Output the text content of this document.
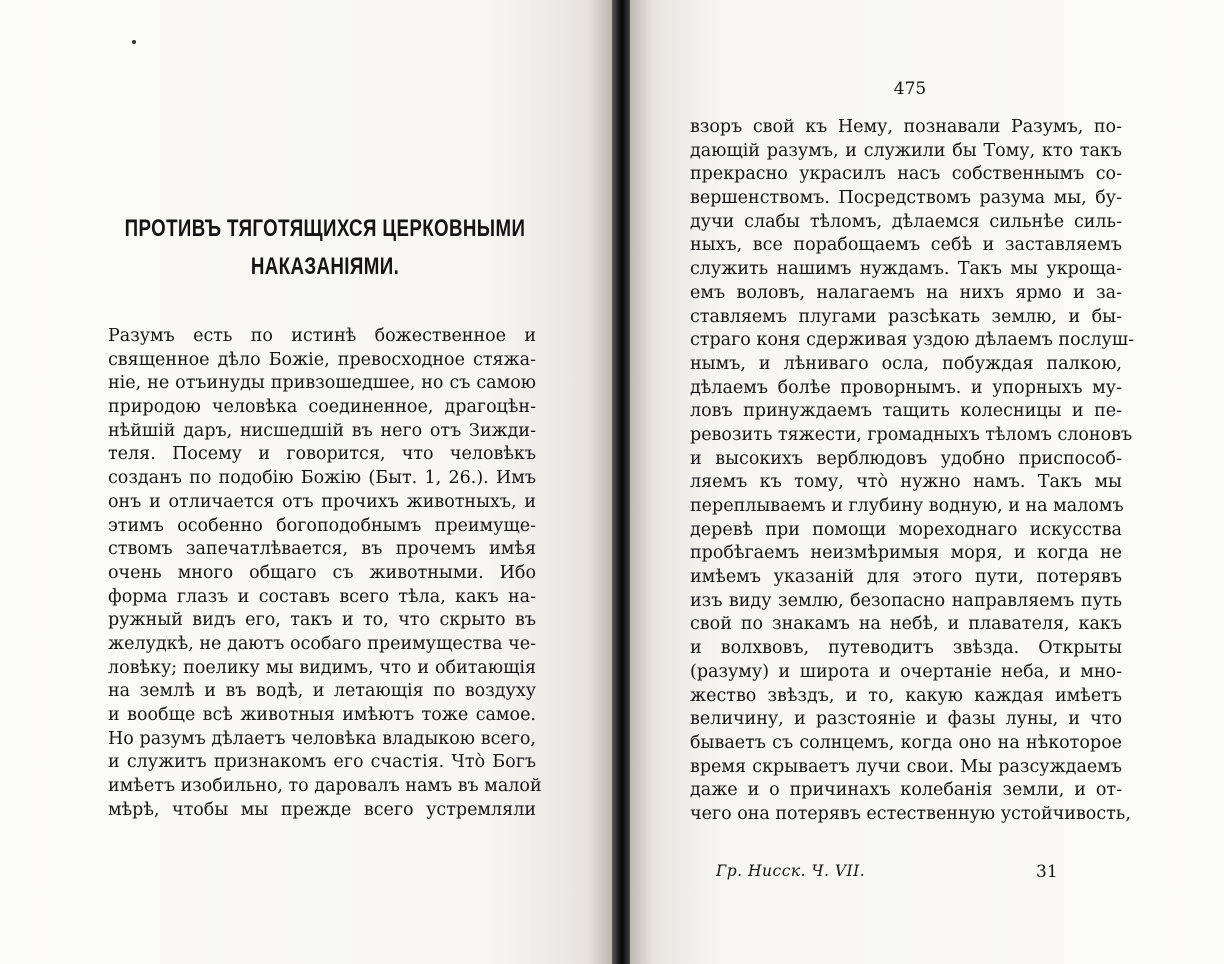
ПРОТИВЪ ТЯГОТЯЩИХСЯ ЦЕРКОВНЫМИ
НАКАЗАНІЯМИ.
Разумъ есть по истинѣ божественное и
священное дѣло Божіе, превосходное стяжа-
ніе, не отъинуды привзошедшее, но съ самою
природою человѣка соединенное, драгоцѣн-
нѣйшій даръ, нисшедшій въ него отъ Зижди-
теля. Посему и говорится, что человѣкъ
созданъ по подобію Божію (Быт. 1, 26.). Имъ
онъ и отличается отъ прочихъ животныхъ, и
этимъ особенно богоподобнымъ преимуще-
ствомъ запечатлѣвается, въ прочемъ имѣя
очень много общаго съ животными. Ибо
форма глазъ и составъ всего тѣла, какъ на-
ружный видъ его, такъ и то, что скрыто въ
желудкѣ, не даютъ особаго преимущества че-
ловѣку; поелику мы видимъ, что и обитающія
на землѣ и въ водѣ, и летающія по воздуху
и вообще всѣ животныя имѣютъ тоже самое.
Но разумъ дѣлаетъ человѣка владыкою всего,
и служитъ признакомъ его счастія. Что̀ Богъ
имѣетъ изобильно, то даровалъ намъ въ малой
мѣрѣ, чтобы мы прежде всего устремляли
475
взоръ свой къ Нему, познавали Разумъ, по-
дающій разумъ, и служили бы Тому, кто такъ
прекрасно украсилъ насъ собственнымъ со-
вершенствомъ. Посредствомъ разума мы, бу-
дучи слабы тѣломъ, дѣлаемся сильнѣе силь-
ныхъ, все порабощаемъ себѣ и заставляемъ
служить нашимъ нуждамъ. Такъ мы укроща-
емъ воловъ, налагаемъ на нихъ ярмо и за-
ставляемъ плугами разсѣкать землю, и бы-
страго коня сдерживая уздою дѣлаемъ послуш-
нымъ, и лѣниваго осла, побуждая палкою,
дѣлаемъ болѣе проворнымъ. и упорныхъ му-
ловъ принуждаемъ тащить колесницы и пе-
ревозить тяжести, громадныхъ тѣломъ слоновъ
и высокихъ верблюдовъ удобно приспособ-
ляемъ къ тому, что̀ нужно намъ. Такъ мы
переплываемъ и глубину водную, и на маломъ
деревѣ при помощи мореходнаго искусства
пробѣгаемъ неизмѣримыя моря, и когда не
имѣемъ указаній для этого пути, потерявъ
изъ виду землю, безопасно направляемъ путь
свой по знакамъ на небѣ, и плавателя, какъ
и волхвовъ, путеводитъ звѣзда. Открыты
(разуму) и широта и очертаніе неба, и мно-
жество звѣздъ, и то, какую каждая имѣетъ
величину, и разстояніе и фазы луны, и что
бываетъ съ солнцемъ, когда оно на нѣкоторое
время скрываетъ лучи свои. Мы разсуждаемъ
даже и о причинахъ колебанія земли, и от-
чего она потерявъ естественную устойчивость,
Гр. Нисск. Ч. VII.	31
